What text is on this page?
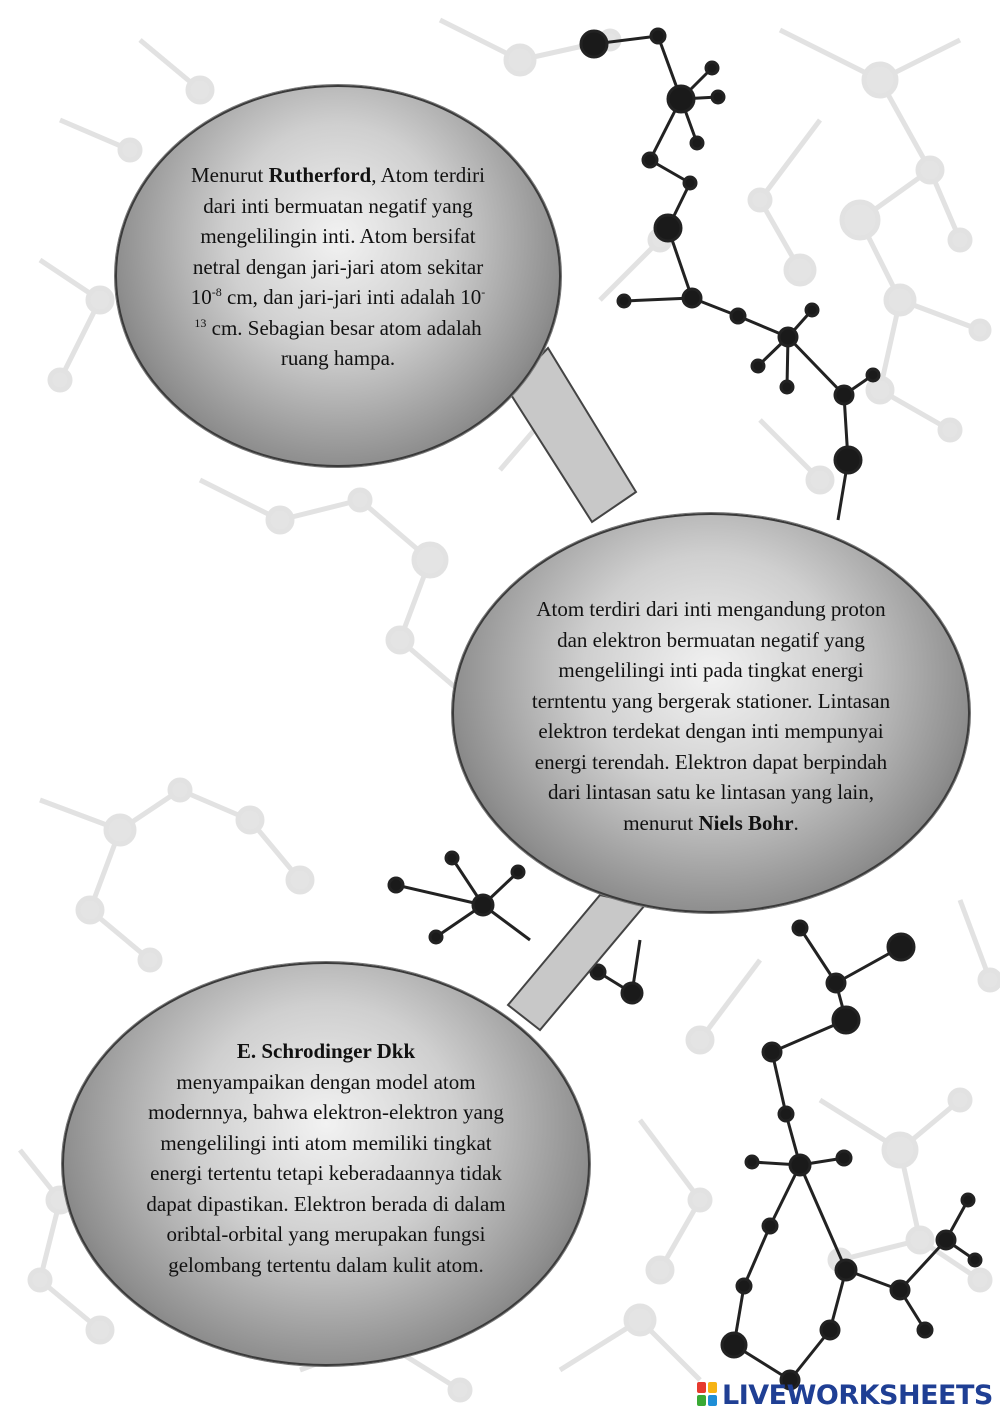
Menurut Rutherford, Atom terdiri dari inti bermuatan negatif yang mengelilingin inti. Atom bersifat netral dengan jari-jari atom sekitar $10^{-8}$ cm, dan jari-jari inti adalah $10^{-13}$ cm. Sebagian besar atom adalah ruang hampa.
Atom terdiri dari inti mengandung proton dan elektron bermuatan negatif yang mengelilingi inti pada tingkat energi terntentu yang bergerak stationer. Lintasan elektron terdekat dengan inti mempunyai energi terendah. Elektron dapat berpindah dari lintasan satu ke lintasan yang lain, menurut Niels Bohr.
E. Schrodinger Dkk
menyampaikan dengan model atom modernnya, bahwa elektron-elektron yang mengelilingi inti atom memiliki tingkat energi tertentu tetapi keberadaannya tidak dapat dipastikan. Elektron berada di dalam oribtal-orbital yang merupakan fungsi gelombang tertentu dalam kulit atom.
LIVEWORKSHEETS
